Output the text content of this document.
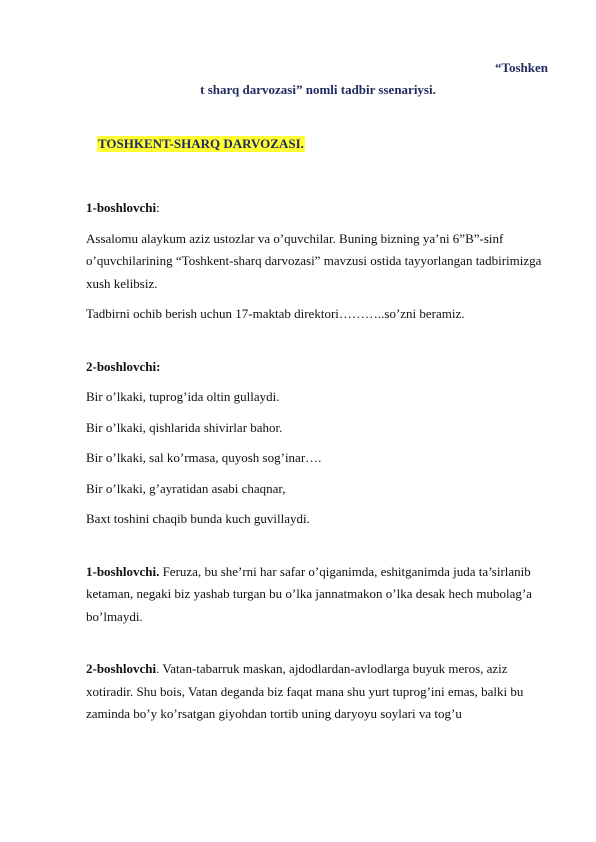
“Toshken
t sharq darvozasi” nomli tadbir ssenariysi.
TOSHKENT-SHARQ DARVOZASI.

1-boshlovchi:

Assalomu alaykum aziz ustozlar va o’quvchilar. Buning bizning ya’ni 6”B”-sinf o’quvchilarining “Toshkent-sharq darvozasi” mavzusi ostida tayyorlangan tadbirimizga xush kelibsiz.

Tadbirni ochib berish uchun 17-maktab direktori………..so’zni beramiz.

2-boshlovchi:

Bir o’lkaki, tuprog’ida oltin gullaydi.

Bir o’lkaki, qishlarida shivirlar bahor.

Bir o’lkaki, sal ko’rmasa, quyosh sog’inar….

Bir o’lkaki, g’ayratidan asabi chaqnar,

Baxt toshini chaqib bunda kuch guvillaydi.

1-boshlovchi. Feruza, bu she’rni har safar o’qiganimda, eshitganimda juda ta’sirlanib ketaman, negaki biz yashab turgan bu o’lka jannatmakon o’lka desak hech mubolag’a bo’lmaydi.

2-boshlovchi. Vatan-tabarruk maskan, ajdodlardan-avlodlarga buyuk meros, aziz xotiradir. Shu bois, Vatan deganda biz faqat mana shu yurt tuprog’ini emas, balki bu zaminda bo’y ko’rsatgan giyohdan tortib uning daryoyu soylari va tog’u
